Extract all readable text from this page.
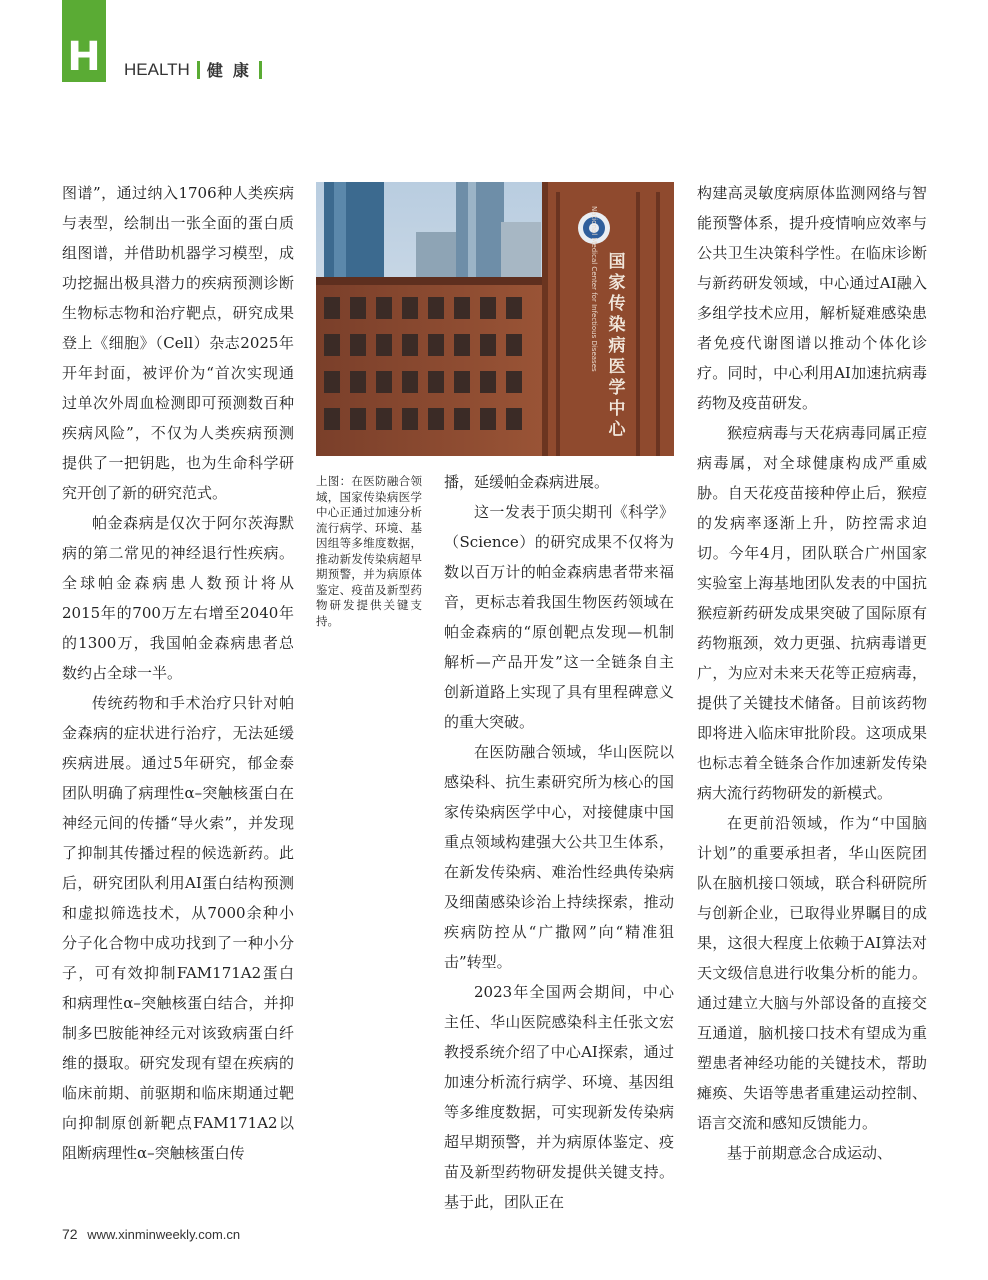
H	HEALTH 健康

图谱”，通过纳入1706种人类疾病与表型，绘制出一张全面的蛋白质组图谱，并借助机器学习模型，成功挖掘出极具潜力的疾病预测诊断生物标志物和治疗靶点，研究成果登上《细胞》（Cell）杂志2025年开年封面，被评价为“首次实现通过单次外周血检测即可预测数百种疾病风险”，不仅为人类疾病预测提供了一把钥匙，也为生命科学研究开创了新的研究范式。

帕金森病是仅次于阿尔茨海默病的第二常见的神经退行性疾病。全球帕金森病患人数预计将从2015年的700万左右增至2040年的1300万，我国帕金森病患者总数约占全球一半。

传统药物和手术治疗只针对帕金森病的症状进行治疗，无法延缓疾病进展。通过5年研究，郁金泰团队明确了病理性α–突触核蛋白在神经元间的传播“导火索”，并发现了抑制其传播过程的候选新药。此后，研究团队利用AI蛋白结构预测和虚拟筛选技术，从7000余种小分子化合物中成功找到了一种小分子，可有效抑制FAM171A2蛋白和病理性α–突触核蛋白结合，并抑制多巴胺能神经元对该致病蛋白纤维的摄取。研究发现有望在疾病的临床前期、前驱期和临床期通过靶向抑制原创新靶点FAM171A2以阻断病理性α–突触核蛋白传

国家传染病医学中心
National Medical Center for Infectious Diseases
上图：在医防融合领域，国家传染病医学中心正通过加速分析流行病学、环境、基因组等多维度数据，推动新发传染病超早期预警，并为病原体鉴定、疫苗及新型药物研发提供关键支持。

播，延缓帕金森病进展。

这一发表于顶尖期刊《科学》（Science）的研究成果不仅将为数以百万计的帕金森病患者带来福音，更标志着我国生物医药领域在帕金森病的“原创靶点发现—机制解析—产品开发”这一全链条自主创新道路上实现了具有里程碑意义的重大突破。

在医防融合领域，华山医院以感染科、抗生素研究所为核心的国家传染病医学中心，对接健康中国重点领域构建强大公共卫生体系，在新发传染病、难治性经典传染病及细菌感染诊治上持续探索，推动疾病防控从“广撒网”向“精准狙击”转型。

2023年全国两会期间，中心主任、华山医院感染科主任张文宏教授系统介绍了中心AI探索，通过加速分析流行病学、环境、基因组等多维度数据，可实现新发传染病超早期预警，并为病原体鉴定、疫苗及新型药物研发提供关键支持。基于此，团队正在

构建高灵敏度病原体监测网络与智能预警体系，提升疫情响应效率与公共卫生决策科学性。在临床诊断与新药研发领域，中心通过AI融入多组学技术应用，解析疑难感染患者免疫代谢图谱以推动个体化诊疗。同时，中心利用AI加速抗病毒药物及疫苗研发。

猴痘病毒与天花病毒同属正痘病毒属，对全球健康构成严重威胁。自天花疫苗接种停止后，猴痘的发病率逐渐上升，防控需求迫切。今年4月，团队联合广州国家实验室上海基地团队发表的中国抗猴痘新药研发成果突破了国际原有药物瓶颈，效力更强、抗病毒谱更广，为应对未来天花等正痘病毒，提供了关键技术储备。目前该药物即将进入临床审批阶段。这项成果也标志着全链条合作加速新发传染病大流行药物研发的新模式。

在更前沿领域，作为“中国脑计划”的重要承担者，华山医院团队在脑机接口领域，联合科研院所与创新企业，已取得业界瞩目的成果，这很大程度上依赖于AI算法对天文级信息进行收集分析的能力。通过建立大脑与外部设备的直接交互通道，脑机接口技术有望成为重塑患者神经功能的关键技术，帮助瘫痪、失语等患者重建运动控制、语言交流和感知反馈能力。

基于前期意念合成运动、

72 www.xinminweekly.com.cn
